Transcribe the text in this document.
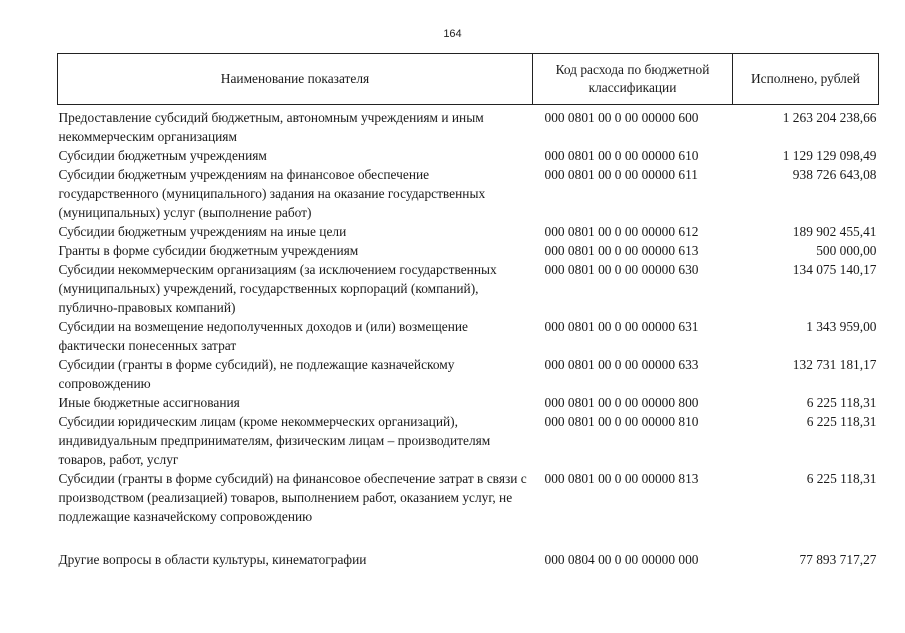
164
Наименование показателя	Код расхода по бюджетной классификации	Исполнено, рублей
Предоставление субсидий бюджетным, автономным учреждениям и иным некоммерческим организациям	000 0801 00 0 00 00000 600	1 263 204 238,66
Субсидии бюджетным учреждениям	000 0801 00 0 00 00000 610	1 129 129 098,49
Субсидии бюджетным учреждениям на финансовое обеспечение государственного (муниципального) задания на оказание государственных (муниципальных) услуг (выполнение работ)	000 0801 00 0 00 00000 611	938 726 643,08
Субсидии бюджетным учреждениям на иные цели	000 0801 00 0 00 00000 612	189 902 455,41
Гранты в форме субсидии бюджетным учреждениям	000 0801 00 0 00 00000 613	500 000,00
Субсидии некоммерческим организациям (за исключением государственных (муниципальных) учреждений, государственных корпораций (компаний), публично-правовых компаний)	000 0801 00 0 00 00000 630	134 075 140,17
Субсидии на возмещение недополученных доходов и (или) возмещение фактически понесенных затрат	000 0801 00 0 00 00000 631	1 343 959,00
Субсидии (гранты в форме субсидий), не подлежащие казначейскому сопровождению	000 0801 00 0 00 00000 633	132 731 181,17
Иные бюджетные ассигнования	000 0801 00 0 00 00000 800	6 225 118,31
Субсидии юридическим лицам (кроме некоммерческих организаций), индивидуальным предпринимателям, физическим лицам – производителям товаров, работ, услуг	000 0801 00 0 00 00000 810	6 225 118,31
Субсидии (гранты в форме субсидий) на финансовое обеспечение затрат в связи с производством (реализацией) товаров, выполнением работ, оказанием услуг, не подлежащие казначейскому сопровождению	000 0801 00 0 00 00000 813	6 225 118,31

Другие вопросы в области культуры, кинематографии	000 0804 00 0 00 00000 000	77 893 717,27
